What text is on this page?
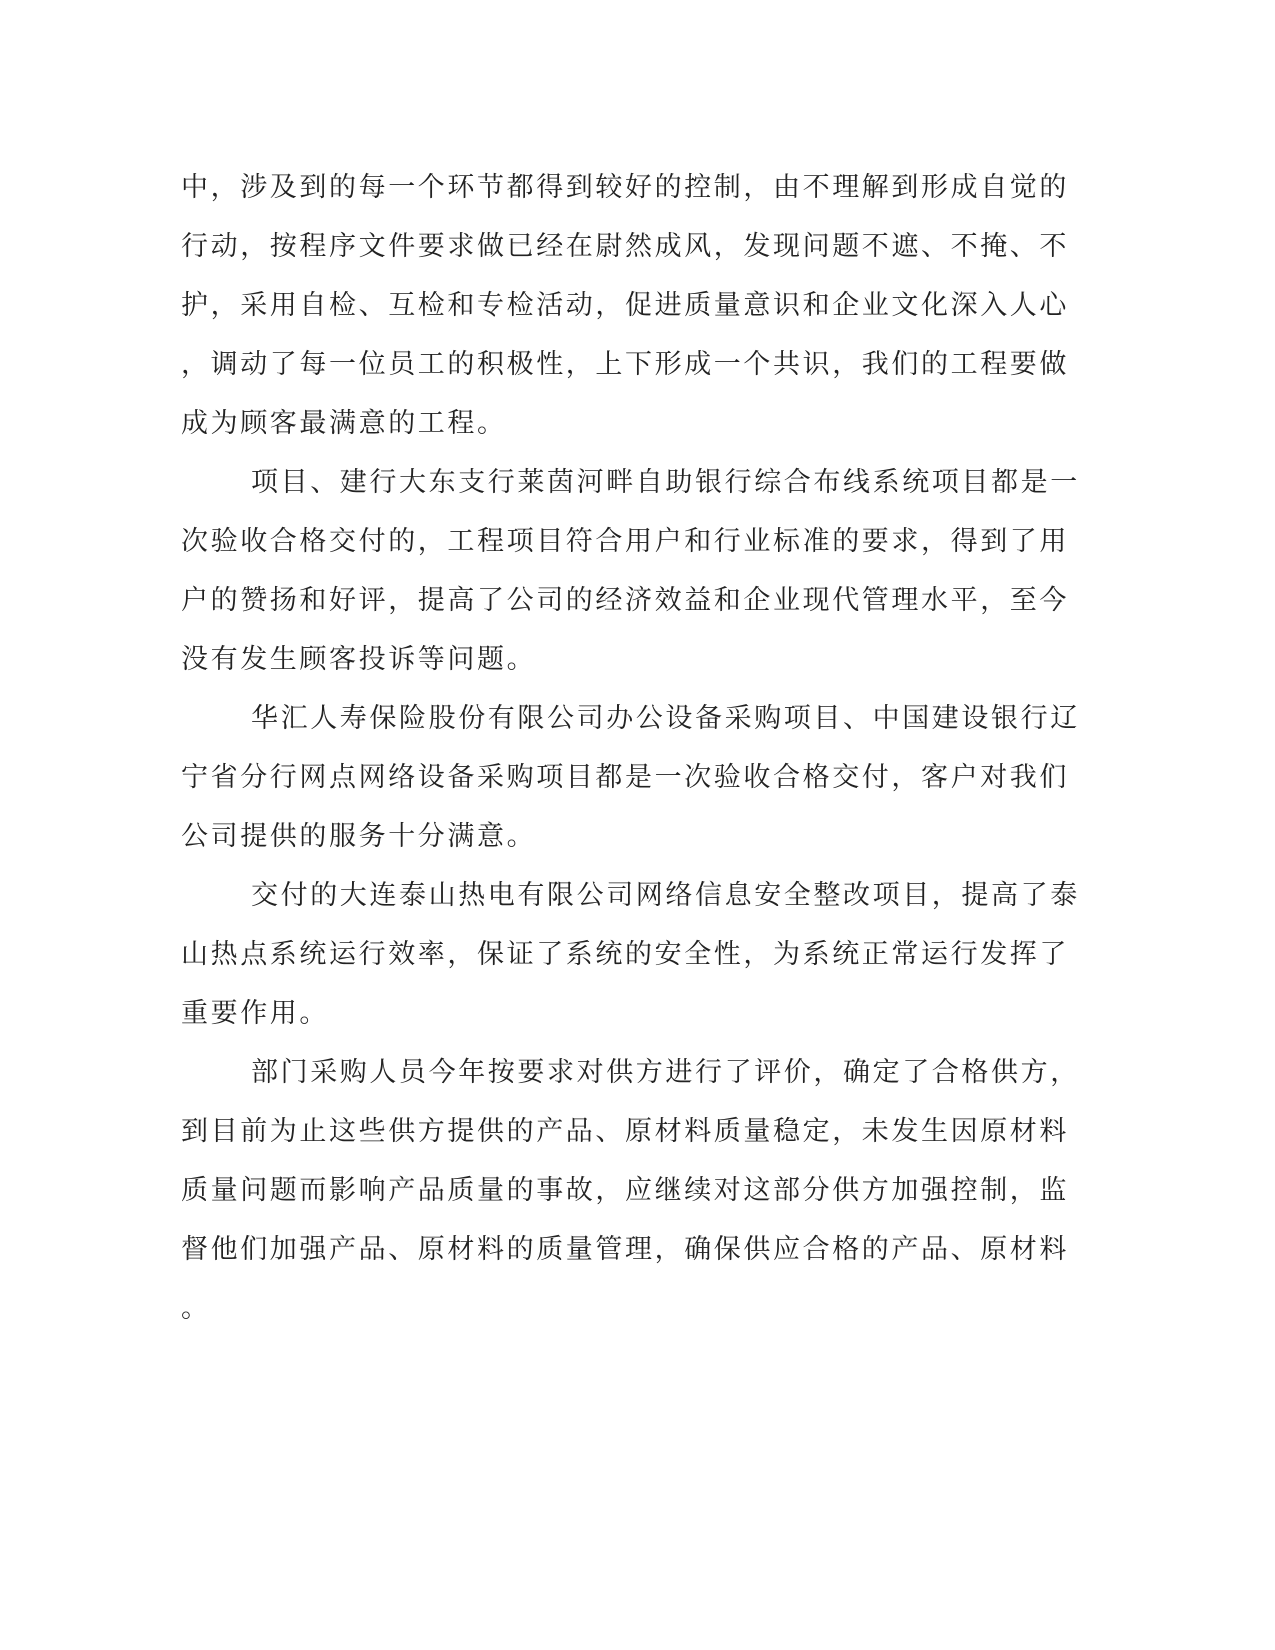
中，涉及到的每一个环节都得到较好的控制，由不理解到形成自觉的
行动，按程序文件要求做已经在尉然成风，发现问题不遮、不掩、不
护，采用自检、互检和专检活动，促进质量意识和企业文化深入人心
，调动了每一位员工的积极性，上下形成一个共识，我们的工程要做
成为顾客最满意的工程。
项目、建行大东支行莱茵河畔自助银行综合布线系统项目都是一
次验收合格交付的，工程项目符合用户和行业标准的要求，得到了用
户的赞扬和好评，提高了公司的经济效益和企业现代管理水平，至今
没有发生顾客投诉等问题。
华汇人寿保险股份有限公司办公设备采购项目、中国建设银行辽
宁省分行网点网络设备采购项目都是一次验收合格交付，客户对我们
公司提供的服务十分满意。
交付的大连泰山热电有限公司网络信息安全整改项目，提高了泰
山热点系统运行效率，保证了系统的安全性，为系统正常运行发挥了
重要作用。
部门采购人员今年按要求对供方进行了评价，确定了合格供方，
到目前为止这些供方提供的产品、原材料质量稳定，未发生因原材料
质量问题而影响产品质量的事故，应继续对这部分供方加强控制，监
督他们加强产品、原材料的质量管理，确保供应合格的产品、原材料
。
